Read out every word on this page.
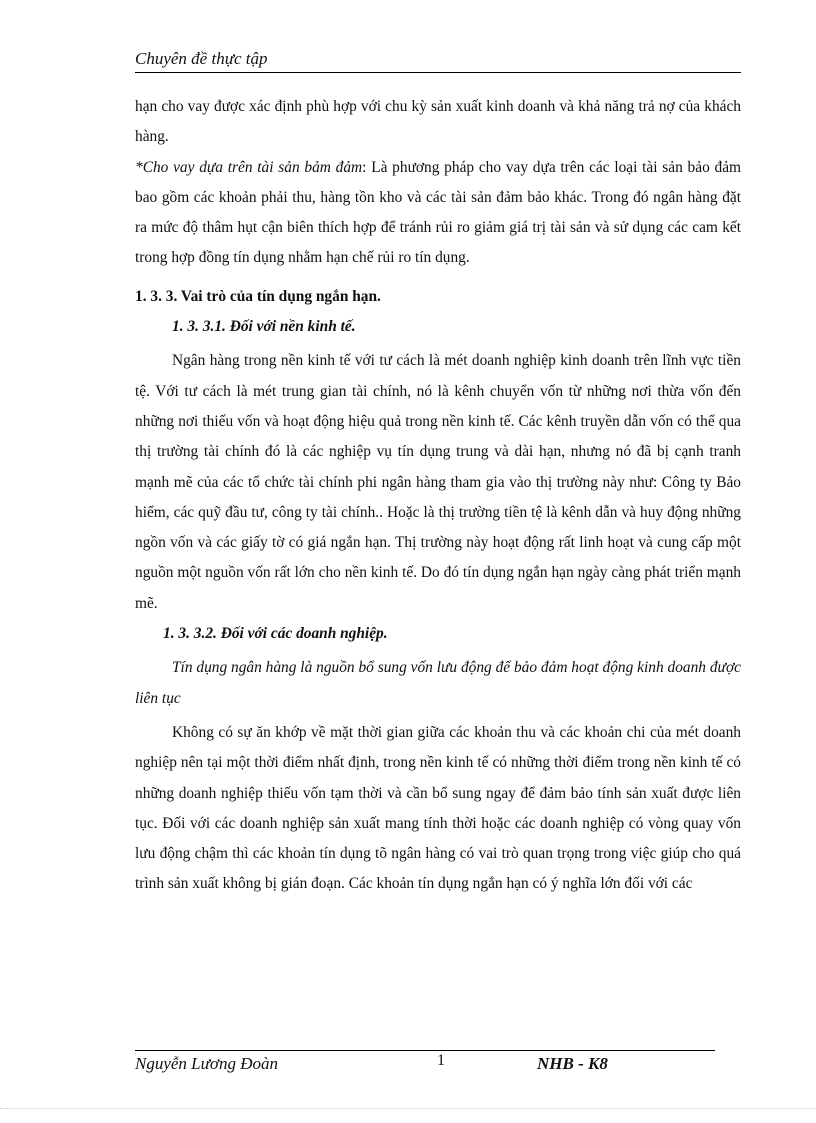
Chuyên đề thực tập

hạn cho vay được xác định phù hợp với chu kỳ sản xuất kinh doanh và khả năng trả nợ của khách hàng.

*Cho vay dựa trên tài sản bảm đảm: Là phương pháp cho vay dựa trên các loại tài sản bảo đảm bao gồm các khoản phải thu, hàng tồn kho và các tài sản đảm bảo khác. Trong đó ngân hàng đặt ra mức độ thâm hụt cận biên thích hợp để tránh rủi ro giảm giá trị tài sản và sử dụng các cam kết trong hợp đồng tín dụng nhằm hạn chế rủi ro tín dụng.

1. 3. 3. Vai trò của tín dụng ngắn hạn.
1. 3. 3.1. Đối với nền kinh tế.

Ngân hàng trong nền kinh tế với tư cách là mét doanh nghiệp kinh doanh trên lĩnh vực tiền tệ. Với tư cách là mét trung gian tài chính, nó là kênh chuyển vốn từ những nơi thừa vốn đến những nơi thiếu vốn và hoạt động hiệu quả trong nền kinh tế. Các kênh truyền dẫn vốn có thể qua thị trường tài chính đó là các nghiệp vụ tín dụng trung và dài hạn, nhưng nó đã bị cạnh tranh mạnh mẽ của các tổ chức tài chính phi ngân hàng tham gia vào thị trường này như: Công ty Bảo hiểm, các quỹ đầu tư, công ty tài chính.. Hoặc là thị trường tiền tệ là kênh dẫn và huy động những ngồn vốn và các giấy tờ có giá ngắn hạn. Thị trường này hoạt động rất linh hoạt và cung cấp một nguồn một nguồn vốn rất lớn cho nền kinh tế. Do đó tín dụng ngắn hạn ngày càng phát triển mạnh mẽ.

1. 3. 3.2. Đối với các doanh nghiệp.

Tín dụng ngân hàng là nguồn bổ sung vốn lưu động để bảo đảm hoạt động kinh doanh được liên tục

Không có sự ăn khớp về mặt thời gian giữa các khoản thu và các khoản chi của mét doanh nghiệp nên tại một thời điểm nhất định, trong nền kinh tế có những thời điểm trong nền kinh tế có những doanh nghiệp thiếu vốn tạm thời và cần bổ sung ngay để đảm bảo tính sản xuất được liên tục. Đối với các doanh nghiệp sản xuất mang tính thời hoặc các doanh nghiệp có vòng quay vốn lưu động chậm thì các khoản tín dụng tõ ngân hàng có vai trò quan trọng trong việc giúp cho quá trình sản xuất không bị gián đoạn. Các khoản tín dụng ngắn hạn có ý nghĩa lớn đối với các

Nguyễn Lương Đoàn	1	NHB - K8
